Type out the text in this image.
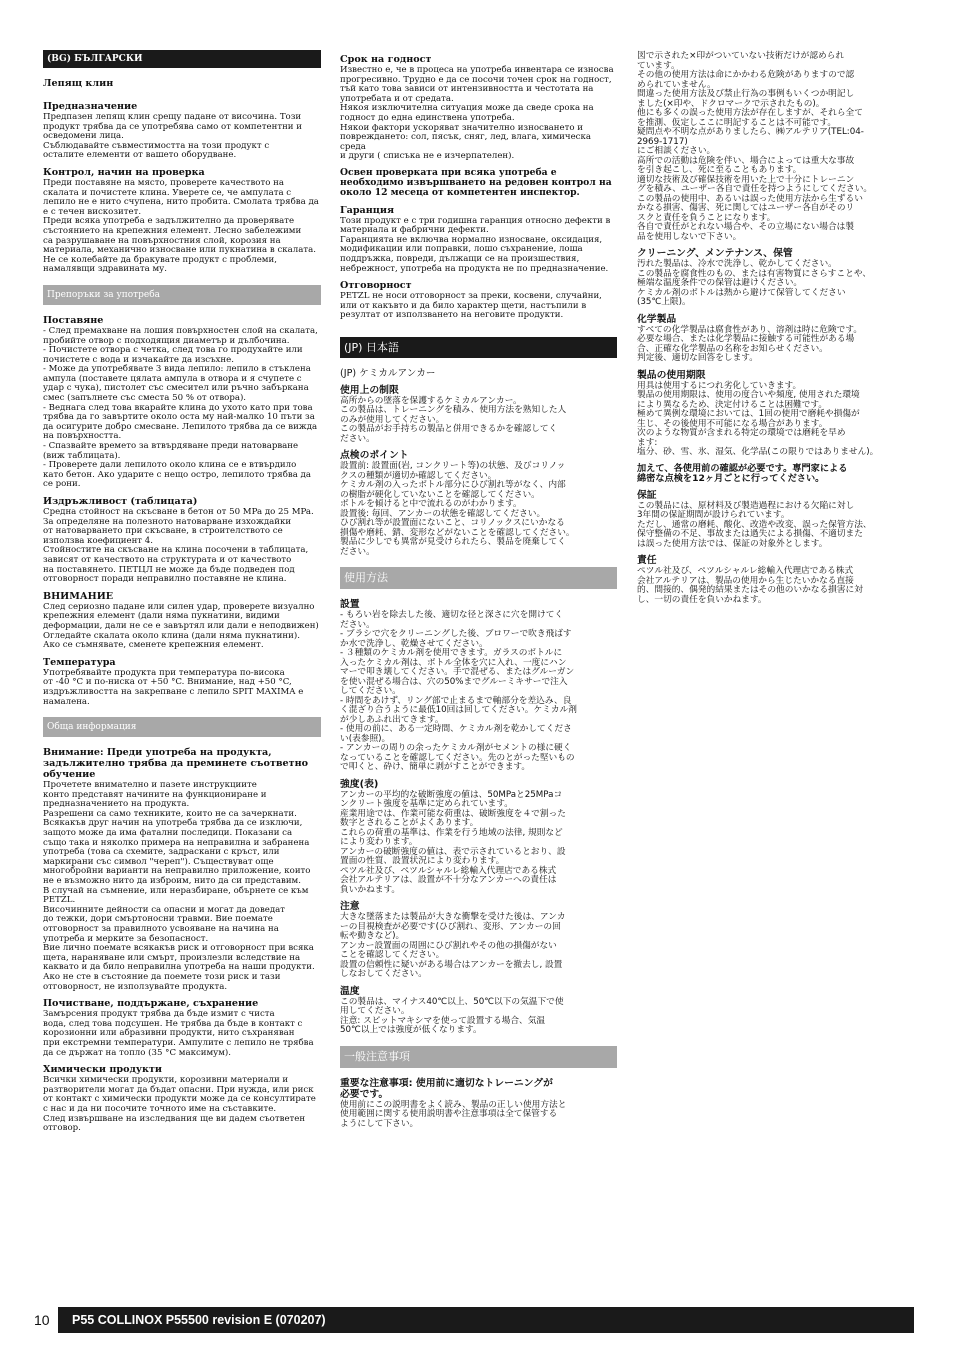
(BG) БЪЛГАРСКИ
Лепящ клин
Предназначение

Предпазен лепящ клин срещу падане от височина. Този
продукт трябва да се употребява само от компетентни и
осведомени лица.
Съблюдавайте съвместимостта на този продукт с
осталите елементи от вашето оборудване.

Контрол, начин на проверка

Преди поставяне на място, проверете качеството на
скалата и почистете клина. Уверете се, че ампулата с
лепило не е нито счупена, нито пробита. Смолата трябва да
е с течен вискозитет.
Преди всяка употреба е задължително да проверявате
състоянието на крепежния елемент. Лесно забележими
са разрушаване на повърхностния слой, корозия на
материала, механично износване или пукнатина в скалата.
Не се колебайте да бракувате продукт с проблеми,
намалявщи здравината му.

Препоръки за употреба
Поставяне

- След премахване на лошия повърхностен слой на скалата,
пробийте отвор с подходящия диаметър и дълбочина.
- Почистете отвора с четка, след това го продухайте или
почистете с вода и изчакайте да изсъхне.
- Може да употребявате 3 вида лепило: лепило в стъклена
ампула (поставете цялата ампула в отвора и я счупете с
удар с чука), пистолет със смесител или ръчно забъркана
смес (запълнете със сместа 50 % от отвора).
- Веднага след това вкарайте клина до ухото като при това
трябва да го завъртите около оста му най-малко 10 пъти за
да осигурите добро смесване. Лепилото трябва да се вижда
на повърхността.
- Спазвайте времето за втвърдяване преди натоварване
(виж таблицата).
- Проверете дали лепилото около клина се е втвърдило
като бетон. Ако ударите с нещо остро, лепилото трябва да
се рони.

Издръжливост (таблицата)

Средна стойност на скъсване в бетон от 50 MPa до 25 MPa.
За определяне на полезното натоварване изхождайки
от натоварването при скъсване, в строителството се
използва коефициент 4.
Стойностите на скъсване на клина посочени в таблицата,
зависят от качеството на структурата и от качеството
на поставянето. ПЕТЦЛ не може да бъде подведен под
отговорност поради неправилно поставяне не клина.

ВНИМАНИЕ

След сериозно падане или силен удар, проверете визуално
крепежния елемент (дали няма пукнатини, видими
деформации, дали не се е завъртял или дали е неподвижен)
Огледайте скалата около клина (дали няма пукнатини).
Ако се съмнявате, сменете крепежния елемент.

Температура

Употребявайте продукта при температура по-висока
от -40 °C и по-ниска от +50 °C. Внимание, над +50 °C,
издръжливостта на закрепване с лепило SPIT MAXIMA е
намалена.

Обща информация
Внимание: Преди употреба на продукта,
задължително трябва да преминете съответно
обучение

Прочетете внимателно и пазете инструкциите
конто представят начините на функциониране и
предназначението на продукта.
Разрешени са само техниките, които не са зачеркнати.
Всякакъв друг начин на употреба трябва да се изключи,
защото може да има фатални последици. Показани са
също така и няколко примера на неправилна и забранена
употреба (това са схемите, задраскани с кръст, или
маркирани със символ "череп"). Съществуват още
многобройни варианти на неправилно приложение, които
не е възможно нито да изброим, нито да си представим.
В случай на съмнение, или неразбиране, обърнете се към
PETZL.
Височинните дейности са опасни и могат да доведат
до тежки, дори смъртоносни травми. Вие поемате
отговорност за правилното усвояване на начина на
употреба и мерките за безопасност.
Вие лично поемате всякакъв риск и отговорност при всяка
щета, нараняване или смърт, произлезли вследствие на
каквато и да било неправилна употреба на наши продукти.
Ако не сте в състояние да поемете този риск и тази
отговорност, не използувайте продукта.

Почистване, поддържане, съхранение

Замърсения продукт трябва да бъде измит с чиста
вода, след това подсушен. Не трябва да бъде в контакт с
корозионни или абразивни продукти, нито съхраняван
при екстремни температури. Ампулите с лепило не трябва
да се държат на топло (35 °C максимум).

Химически продукти

Всички химически продукти, корозивни материали и
разтворители могат да бъдат опасни. При нужда, или риск
от контакт с химически продукти може да се консултирате
с нас и да ни посочите точното име на съставките.
След извършване на изследвания ще ви дадем съответен
отговор.

Срок на годност

Известно е, че в процеса на употреба инвентара се износва
прогресивно. Трудно е да се посочи точен срок на годност,
тъй като това зависи от интензивността и честотата на
употребата и от средата.
Някоя изключителна ситуация може да сведе срока на
годност до една единствена употреба.
Някои фактори ускоряват значително износването и
повреждането: сол, пясък, сняг, лед, влага, химическа среда
и други ( списъка не е изчерпателен).

Освен проверката при всяка употреба е
необходимо извършването на редовен контрол на
около 12 месеца от компетентен инспектор.

Гаранция

Този продукт е с три годишна гаранция относно дефекти в
материала и фабрични дефекти.
Гаранцията не включва нормално износване, оксидация,
модификации или поправки, лошо съхранение, лоша
поддръжка, повреди, дължащи се на произшествия,
небрежност, употреба на продукта не по предназначение.

Отговорност

PETZL не носи отговорност за преки, косвени, случайни,
или от какъвто и да било характер щети, настъпили в
резултат от използването на неговите продукти.

(JP) 日本語

(JP) ケミカルアンカー

使用上の制限

高所からの墜落を保護するケミカルアンカー。
この製品は、トレーニングを積み、使用方法を熟知した人
のみが使用してください。
この製品がお手持ちの製品と併用できるかを確認してく
ださい。

点検のポイント

設置前: 設置面(岩, コンクリート等)の状態、及びコリノッ
クスの種類が適切か確認してください。
ケミカル剤の入ったボトル部分にひび割れ等がなく、内部
の樹脂が硬化していないことを確認してください。
ボトルを傾けると中で流れるのがわかります。
設置後: 毎回、アンカーの状態を確認してください。
ひび割れ等が設置面にないこと、コリノックスにいかなる
損傷や磨耗、錆、変形などがないことを確認してください。
製品に少しでも異常が見受けられたら、製品を廃棄してく
ださい。

使用方法
設置

- もろい岩を除去した後、適切な径と深さに穴を開けてく
ださい。
- ブラシで穴をクリーニングした後、ブロワーで吹き飛ばす
か水で洗浄し、乾燥させてください。
- ３種類のケミカル剤を使用できます。ガラスのボトルに
入ったケミカル剤は、ボトル全体を穴に入れ、一度にハン
マーで叩き壊してください。手で混ぜる、またはグルーガン
を使い混ぜる場合は、穴の50%までグルーミキサーで注入
してください。
- 時間をあけず、リング部で止まるまで軸部分を差込み、良
く混ざり合うように最低10回は回してください。ケミカル剤
が少しあふれ出てきます。
- 使用の前に、ある一定時間、ケミカル剤を乾かしてくださ
い(表参照)。
- アンカーの周りの余ったケミカル剤がセメントの様に硬く
なっていることを確認してください。先のとがった堅いもの
で叩くと、砕け、簡単に剥がすことができます。

強度(表)

アンカーの平均的な破断強度の値は、50MPaと25MPaコ
ンクリート強度を基準に定められています。
産業用途では、作業可能な荷重は、破断強度を４で割った
数字とされることがよくあります。
これらの荷重の基準は、作業を行う地域の法律, 規則など
により変わります。
アンカーの破断強度の値は、表で示されているとおり、設
置面の性質、設置状況により変わります。
ペツル社及び、ペツルシャルレ総輸入代理店である株式
会社アルテリアは、設置が不十分なアンカーへの責任は
負いかねます。

注意

大きな墜落または製品が大きな衝撃を受けた後は、アンカ
ーの目視検査が必要です(ひび割れ、変形、アンカーの回
転や動きなど)。
アンカー設置面の周囲にひび割れやその他の損傷がない
ことを確認してください。
設置の信頼性に疑いがある場合はアンカーを撤去し, 設置
しなおしてください。

温度

この製品は、マイナス40℃以上、50℃以下の気温下で使
用してください。
注意: スピットマキシマを使って設置する場合、気温
50℃以上では強度が低くなります。

一般注意事項
重要な注意事項: 使用前に適切なトレーニングが
必要です。

使用前にこの説明書をよく読み、製品の正しい使用方法と
使用範囲に関する使用説明書や注意事項は全て保管する
ようにして下さい。

図で示された×印がついていない技術だけが認められ
ています。
その他の使用方法は命にかかわる危険がありますので認
められていません。
間違った使用方法及び禁止行為の事例もいくつか明記し
ました(×印や、ドクロマークで示されたもの)。
他にも多くの誤った使用方法が存在しますが、それら全て
を推測、仮定しここに明記することは不可能です。
疑問点や不明な点がありましたら、㈱アルテリア(TEL:04-
2969-1717)
にご相談ください。
高所での活動は危険を伴い、場合によっては重大な事故
を引き起こし、死に至ることもあります。
適切な技術及び確保技術を用いた上で十分にトレーニン
グを積み、ユーザー各自で責任を持つようにしてください。
この製品の使用中、あるいは誤った使用方法から生ずるい
かなる損害、傷害、死に関してはユーザー各自がそのリ
スクと責任を負うことになります。
各自で責任がとれない場合や、その立場にない場合は製
品を使用しないで下さい。

クリーニング、メンテナンス、保管

汚れた製品は、冷水で洗浄し、乾かしてください。
この製品を腐食性のもの、または有害物質にさらすことや、
極端な温度条件での保管は避けください。
ケミカル剤のボトルは熱から避けて保管してください
(35℃上限)。

化学製品

すべての化学製品は腐食性があり、溶剤は時に危険です。
必要な場合、または化学製品に接触する可能性がある場
合、正確な化学製品の名称をお知らせください。
判定後、適切な回答をします。

製品の使用期限

用具は使用するにつれ劣化していきます。
製品の使用期限は、使用の度合いや頻度, 使用された環境
により異なるため、決定付けることは困難です。
極めて異例な環境においては、1回の使用で磨耗や損傷が
生じ、その後使用不可能になる場合があります。
次のような物質が含まれる特定の環境では磨耗を早め
ます:
塩分、砂、雪、氷、湿気、化学品(この限りではありません)。

加えて、各使用前の確認が必要です。専門家による
綿密な点検を12ヶ月ごとに行ってください。

保証

この製品には、原材料及び製造過程における欠陥に対し
3年間の保証期間が設けられています。
ただし、通常の磨耗、酸化、改造や改変、誤った保管方法、
保守整備の不足、事故または過失による損傷、不適切また
は誤った使用方法では、保証の対象外とします。

責任

ペツル社及び、ペツルシャルレ総輸入代理店である株式
会社アルテリアは、製品の使用から生じたいかなる直接
的、間接的、偶発的結果またはその他のいかなる損害に対
し、一切の責任を負いかねます。

10	P55 COLLINOX P55500 revision E (070207)
